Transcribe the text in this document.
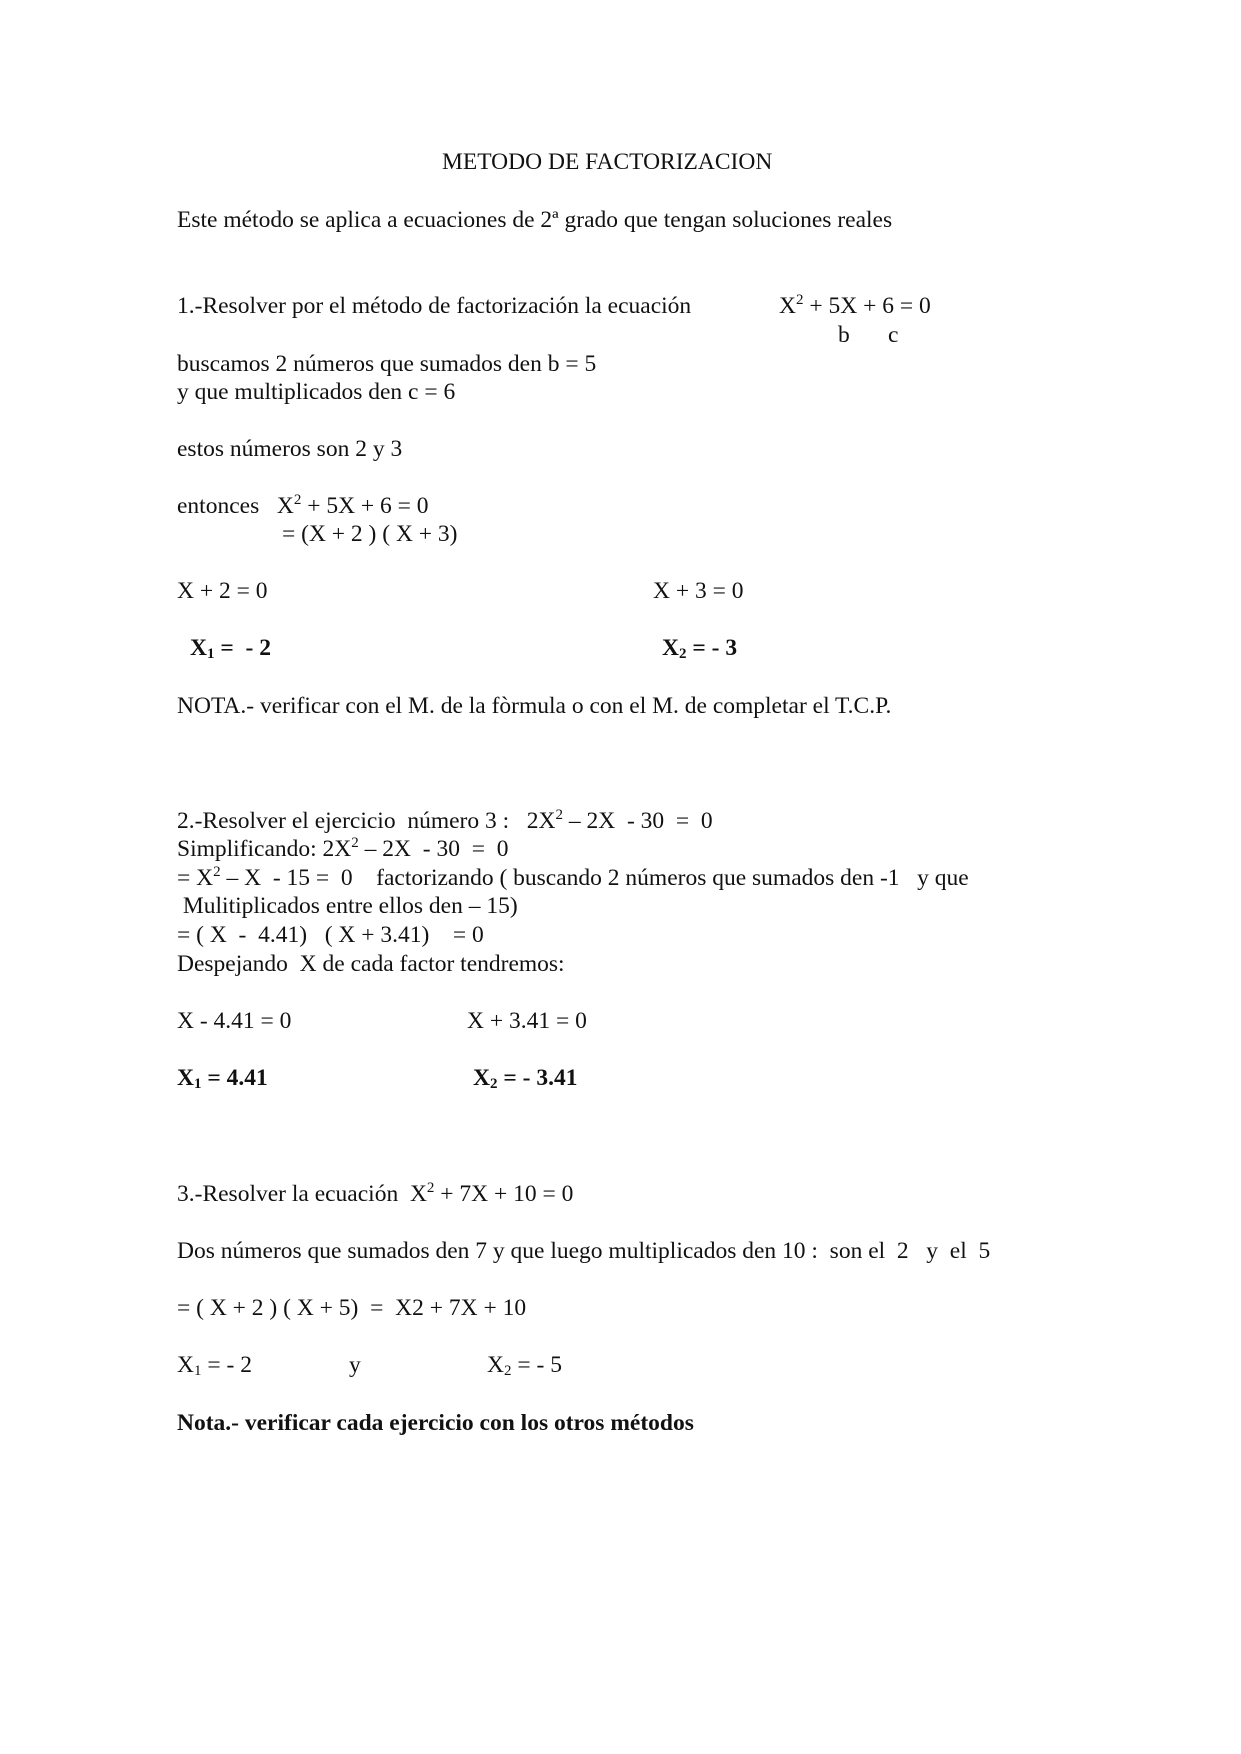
METODO DE FACTORIZACION
Este método se aplica a ecuaciones de 2ª grado que tengan soluciones reales
1.-Resolver por el método de factorización la ecuación	$X^2 + 5X + 6 = 0$
b c
buscamos 2 números que sumados den b = 5
y que multiplicados den c = 6
estos números son 2 y 3
entonces   $X^2 + 5X + 6 = 0$
= (X + 2 ) ( X + 3)
X + 2 = 0	X + 3 = 0
$X_1$ =  - 2	$X_2$ = - 3
NOTA.- verificar con el M. de la fòrmula o con el M. de completar el T.C.P.
2.-Resolver el ejercicio  número 3 :   $2X^2 - 2X - 30 = 0$
Simplificando: $2X^2 - 2X - 30 = 0$
= $X^2 - X - 15 = 0$    factorizando ( buscando 2 números que sumados den -1   y que
Mulitiplicados entre ellos den – 15)
= ( X  -  4.41)   ( X + 3.41)    = 0
Despejando  X de cada factor tendremos:
X - 4.41 = 0	X + 3.41 = 0
$X_1 = 4.41$	$X_2$ = - 3.41
3.-Resolver la ecuación  $X^2 + 7X + 10 = 0$
Dos números que sumados den 7 y que luego multiplicados den 10 :  son el  2   y  el  5
= ( X + 2 ) ( X + 5)  =  X2 + 7X + 10
$X_1$ = - 2	y	$X_2$ = - 5
Nota.- verificar cada ejercicio con los otros métodos
